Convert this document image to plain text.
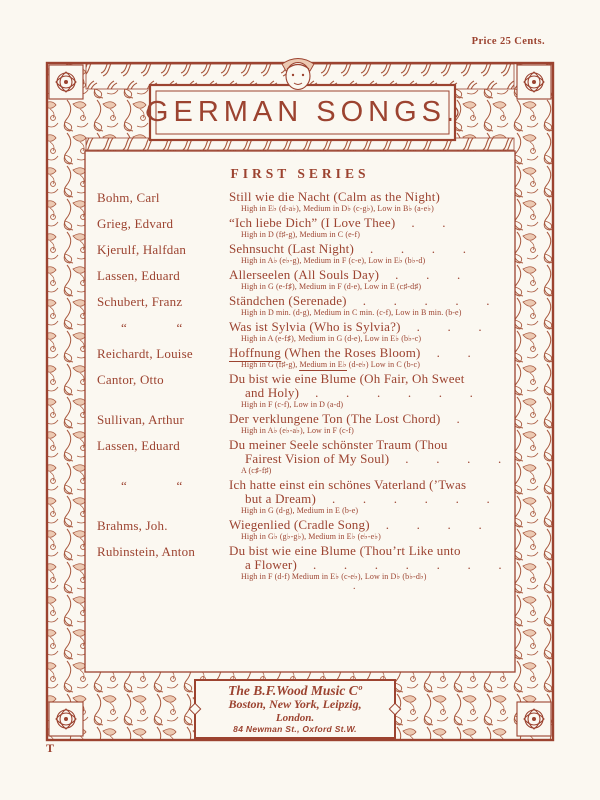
Price 25 Cents.
GERMAN SONGS.
FIRST SERIES
Bohm, Carl	Still wie die Nacht (Calm as the Night)
High in E♭ (d-a♭), Medium in D♭ (c-g♭), Low in B♭ (a-e♭)
Grieg, Edvard	“Ich liebe Dich” (I Love Thee) . .
High in D (f♯-g), Medium in C (e-f)
Kjerulf, Halfdan	Sehnsucht (Last Night) . . . .
High in A♭ (e♭-g), Medium in F (c-e), Low in E♭ (b♭-d)
Lassen, Eduard	Allerseelen (All Souls Day) . . .
High in G (e-f♯), Medium in F (d-e), Low in E (c♯-d♯)
Schubert, Franz	Ständchen (Serenade) . . . . .
High in D min. (d-g), Medium in C min. (c-f), Low in B min. (b-e)
“   “	Was ist Sylvia (Who is Sylvia?) . . .
High in A (e-f♯), Medium in G (d-e), Low in E♭ (b♭-c)
Reichardt, Louise	Hoffnung (When the Roses Bloom) . .
High in G (f♯-g), Medium in E♭ (d-e♭) Low in C (b-c)
Cantor, Otto	Du bist wie eine Blume (Oh Fair, Oh Sweet
and Holy) . . . . . .
High in F (c-f), Low in D (a-d)
Sullivan, Arthur	Der verklungene Ton (The Lost Chord) .
High in A♭ (e♭-a♭), Low in F (c-f)
Lassen, Eduard	Du meiner Seele schönster Traum (Thou
Fairest Vision of My Soul) . . . .
A (c♯-f♯)
“   “	Ich hatte einst ein schönes Vaterland (’Twas
but a Dream) . . . . . .
High in G (d-g), Medium in E (b-e)
Brahms, Joh.	Wiegenlied (Cradle Song) . . . .
High in G♭ (g♭-g♭), Medium in E♭ (e♭-e♭)
Rubinstein, Anton	Du bist wie eine Blume (Thou’rt Like unto
a Flower) . . . . . . .
High in F (d-f) Medium in E♭ (c-e♭), Low in D♭ (b♭-d♭)
.
The B.F.Wood Music Cº
Boston, New York, Leipzig,
London.
84 Newman St., Oxford St.W.
T
